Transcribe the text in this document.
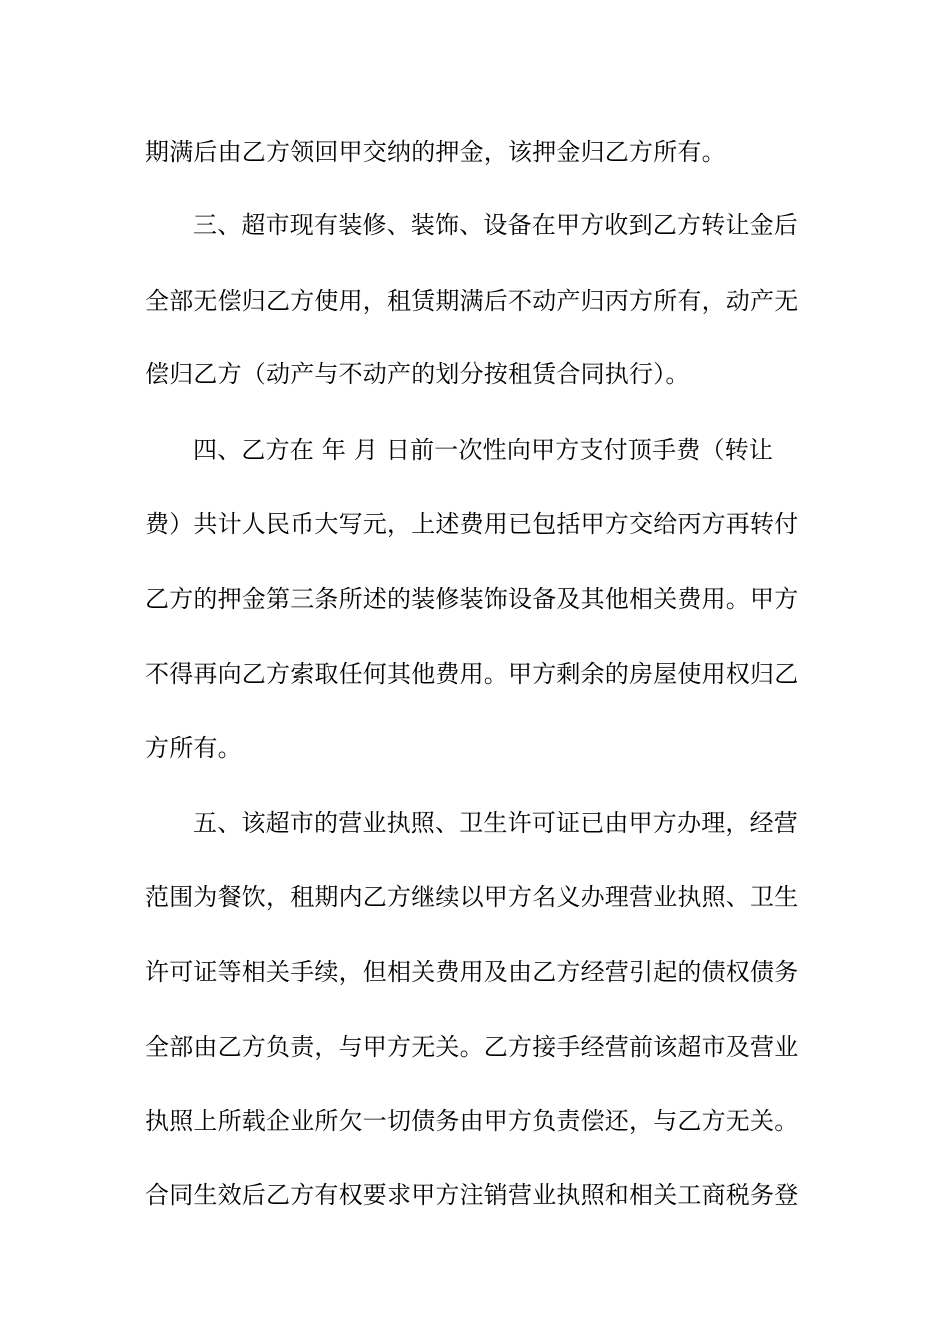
期满后由乙方领回甲交纳的押金，该押金归乙方所有。
三、超市现有装修、装饰、设备在甲方收到乙方转让金后
全部无偿归乙方使用，租赁期满后不动产归丙方所有，动产无
偿归乙方（动产与不动产的划分按租赁合同执行）。
四、乙方在 年 月 日前一次性向甲方支付顶手费（转让
费）共计人民币大写元，上述费用已包括甲方交给丙方再转付
乙方的押金第三条所述的装修装饰设备及其他相关费用。甲方
不得再向乙方索取任何其他费用。甲方剩余的房屋使用权归乙
方所有。
五、该超市的营业执照、卫生许可证已由甲方办理，经营
范围为餐饮，租期内乙方继续以甲方名义办理营业执照、卫生
许可证等相关手续，但相关费用及由乙方经营引起的债权债务
全部由乙方负责，与甲方无关。乙方接手经营前该超市及营业
执照上所载企业所欠一切债务由甲方负责偿还，与乙方无关。
合同生效后乙方有权要求甲方注销营业执照和相关工商税务登
